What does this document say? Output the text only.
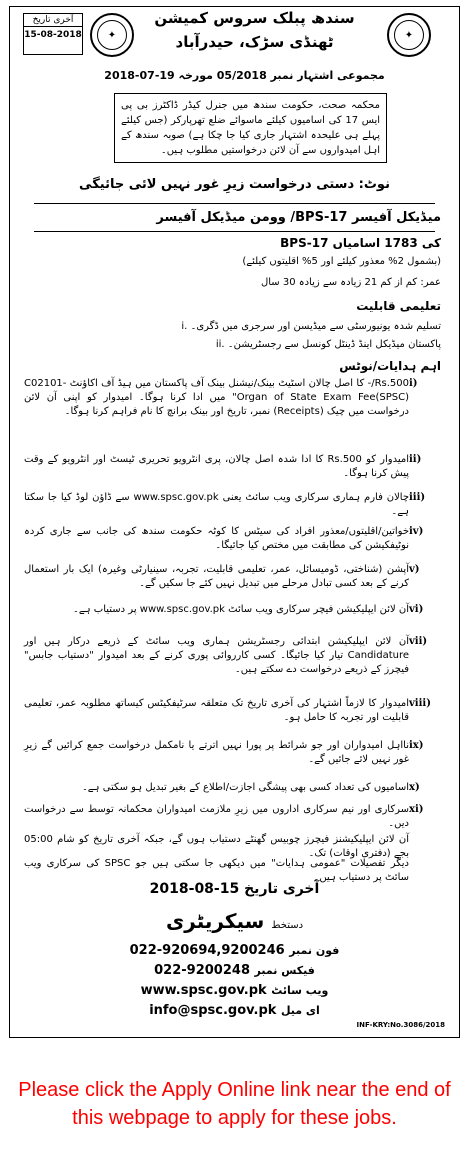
✦	✦
آخری تاریخ
15-08-2018
سندھ پبلک سروس کمیشن
ٹھنڈی سڑک، حیدرآباد
مجموعی اشتہار نمبر 05/2018 مورخہ 19-07-2018
محکمہ صحت، حکومت سندھ میں جنرل کیڈر ڈاکٹرز بی پی ایس 17 کی اسامیوں کیلئے ماسوائے ضلع تھرپارکر (جس کیلئے پہلے ہی علیحدہ اشتہار جاری کیا جا چکا ہے) صوبہ سندھ کے اہل امیدواروں سے آن لائن درخواستیں مطلوب ہیں۔
نوٹ: دستی درخواست زیرِ غور نہیں لائی جائیگی
میڈیکل آفیسر BPS-17/ وومن میڈیکل آفیسر
BPS-17 کی 1783 اسامیاں
(بشمول 2% معذور کیلئے اور 5% اقلیتوں کیلئے)
عمر: کم از کم 21 زیادہ سے زیادہ 30 سال
تعلیمی قابلیت
i. تسلیم شدہ یونیورسٹی سے میڈیسن اور سرجری میں ڈگری۔
ii. پاکستان میڈیکل اینڈ ڈینٹل کونسل سے رجسٹریشن۔
اہم ہدایات/نوٹس
i)
Rs.500/- کا اصل چالان اسٹیٹ بینک/نیشنل بینک آف پاکستان میں ہیڈ آف اکاؤنٹ C02101-Organ of State Exam Fee(SPSC)" میں ادا کرنا ہوگا۔ امیدوار کو اپنی آن لائن درخواست میں چیک (Receipts) نمبر، تاریخ اور بینک برانچ کا نام فراہم کرنا ہوگا۔
ii)
امیدوار کو Rs.500 کا ادا شدہ اصل چالان، پری انٹرویو تحریری ٹیسٹ اور انٹرویو کے وقت پیش کرنا ہوگا۔
iii)
چالان فارم ہماری سرکاری ویب سائٹ یعنی www.spsc.gov.pk سے ڈاؤن لوڈ کیا جا سکتا ہے۔
iv)
خواتین/اقلیتوں/معذور افراد کی سیٹس کا کوٹہ حکومت سندھ کی جانب سے جاری کردہ نوٹیفکیشن کی مطابقت میں مختص کیا جائیگا۔
v)
آپشن (شناختی، ڈومیسائل، عمر، تعلیمی قابلیت، تجربہ، سینیارٹی وغیرہ) ایک بار استعمال کرنے کے بعد کسی تبادل مرحلے میں تبدیل نہیں کئے جا سکیں گے۔
vi)
آن لائن ایپلیکیشن فیچر سرکاری ویب سائٹ www.spsc.gov.pk پر دستیاب ہے۔
vii)
آن لائن ایپلیکیشن ابتدائی رجسٹریشن ہماری ویب سائٹ کے ذریعے درکار ہیں اور Candidature تیار کیا جائیگا۔ کسی کارروائی پوری کرنے کے بعد امیدوار "دستیاب جابس" فیچرز کے ذریعے درخواست دے سکتے ہیں۔
viii)
امیدوار کا لازماً اشتہار کی آخری تاریخ تک متعلقہ سرٹیفکیٹس کیساتھ مطلوبہ عمر، تعلیمی قابلیت اور تجربہ کا حامل ہو۔
ix)
نااہل امیدواران اور جو شرائط پر پورا نہیں اترتے یا نامکمل درخواست جمع کرائیں گے زیرِ غور نہیں لائے جائیں گے۔
x)
اسامیوں کی تعداد کسی بھی پیشگی اجازت/اطلاع کے بغیر تبدیل ہو سکتی ہے۔
xi)
سرکاری اور نیم سرکاری اداروں میں زیرِ ملازمت امیدواران محکمانہ توسط سے درخواست دیں۔
آن لائن ایپلیکیشنز فیچرز چوبیس گھنٹے دستیاب ہوں گے، جبکہ آخری تاریخ کو شام 05:00 بجے (دفتری اوقات) تک۔
دیگر تفصیلات "عمومی ہدایات" میں دیکھی جا سکتی ہیں جو SPSC کی سرکاری ویب سائٹ پر دستیاب ہیں۔
آخری تاریخ 15-08-2018
دستخط سیکریٹری
022-920694,9200246 فون نمبر
022-9200248 فیکس نمبر
www.spsc.gov.pk ویب سائٹ
info@spsc.gov.pk ای میل
INF-KRY:No.3086/2018
Please click the Apply Online link near the end of this webpage to apply for these jobs.
